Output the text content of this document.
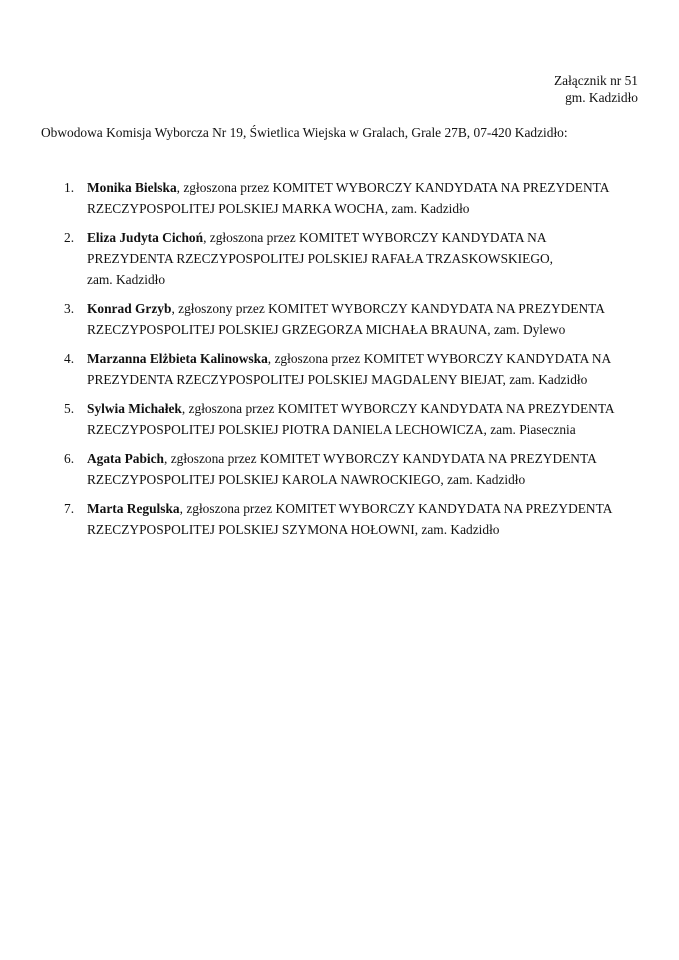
Załącznik nr 51
gm. Kadzidło
Obwodowa Komisja Wyborcza Nr 19, Świetlica Wiejska w Gralach, Grale 27B, 07-420 Kadzidło:
1. Monika Bielska, zgłoszona przez KOMITET WYBORCZY KANDYDATA NA PREZYDENTA
RZECZYPOSPOLITEJ POLSKIEJ MARKA WOCHA, zam. Kadzidło
2. Eliza Judyta Cichoń, zgłoszona przez KOMITET WYBORCZY KANDYDATA NA
PREZYDENTA RZECZYPOSPOLITEJ POLSKIEJ RAFAŁA TRZASKOWSKIEGO,
zam. Kadzidło
3. Konrad Grzyb, zgłoszony przez KOMITET WYBORCZY KANDYDATA NA PREZYDENTA
RZECZYPOSPOLITEJ POLSKIEJ GRZEGORZA MICHAŁA BRAUNA, zam. Dylewo
4. Marzanna Elżbieta Kalinowska, zgłoszona przez KOMITET WYBORCZY KANDYDATA NA
PREZYDENTA RZECZYPOSPOLITEJ POLSKIEJ MAGDALENY BIEJAT, zam. Kadzidło
5. Sylwia Michałek, zgłoszona przez KOMITET WYBORCZY KANDYDATA NA PREZYDENTA
RZECZYPOSPOLITEJ POLSKIEJ PIOTRA DANIELA LECHOWICZA, zam. Piasecznia
6. Agata Pabich, zgłoszona przez KOMITET WYBORCZY KANDYDATA NA PREZYDENTA
RZECZYPOSPOLITEJ POLSKIEJ KAROLA NAWROCKIEGO, zam. Kadzidło
7. Marta Regulska, zgłoszona przez KOMITET WYBORCZY KANDYDATA NA PREZYDENTA
RZECZYPOSPOLITEJ POLSKIEJ SZYMONA HOŁOWNI, zam. Kadzidło
